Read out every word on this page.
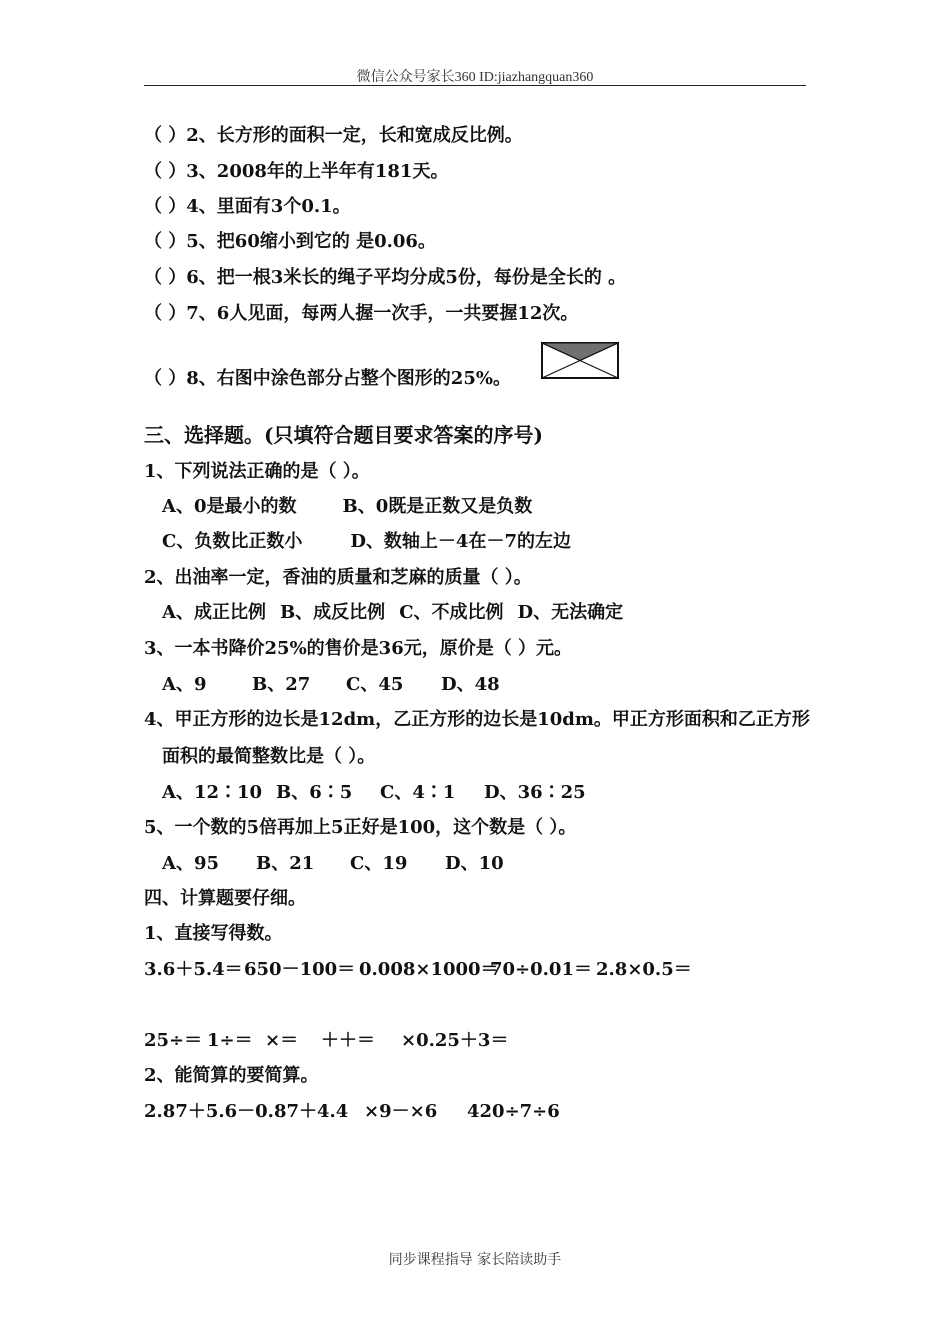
微信公众号家长360 ID:jiazhangquan360
（ ）2、长方形的面积一定，长和宽成反比例。
（ ）3、2008年的上半年有181天。
（ ）4、里面有3个0.1。
（ ）5、把60缩小到它的 是0.06。
（ ）6、把一根3米长的绳子平均分成5份，每份是全长的 。
（ ）7、6人见面，每两人握一次手，一共要握12次。
（ ）8、右图中涂色部分占整个图形的25%。
三、选择题。(只填符合题目要求答案的序号)
1、下列说法正确的是（ ）。
A、0是最小的数	B、0既是正数又是负数
C、负数比正数小	D、数轴上－4在－7的左边
2、出油率一定，香油的质量和芝麻的质量（ ）。
A、成正比例 B、成反比例 C、不成比例 D、无法确定
3、一本书降价25%的售价是36元，原价是（ ）元。
A、9	B、27 C、45 D、48
4、甲正方形的边长是12dm，乙正方形的边长是10dm。甲正方形面积和乙正方形
面积的最简整数比是（ ）。
A、12∶10 B、6∶5 C、4∶1 D、36∶25
5、一个数的5倍再加上5正好是100，这个数是（ ）。
A、95 B、21 C、19 D、10
四、计算题要仔细。
1、直接写得数。
3.6＋5.4＝650－100＝ 0.008×1000＝70÷0.01＝ 2.8×0.5＝
25÷＝ 1÷＝ ×＝ ＋＋＝ ×0.25＋3＝
2、能简算的要简算。
2.87＋5.6－0.87＋4.4 ×9－×6 420÷7÷6
同步课程指导 家长陪读助手
